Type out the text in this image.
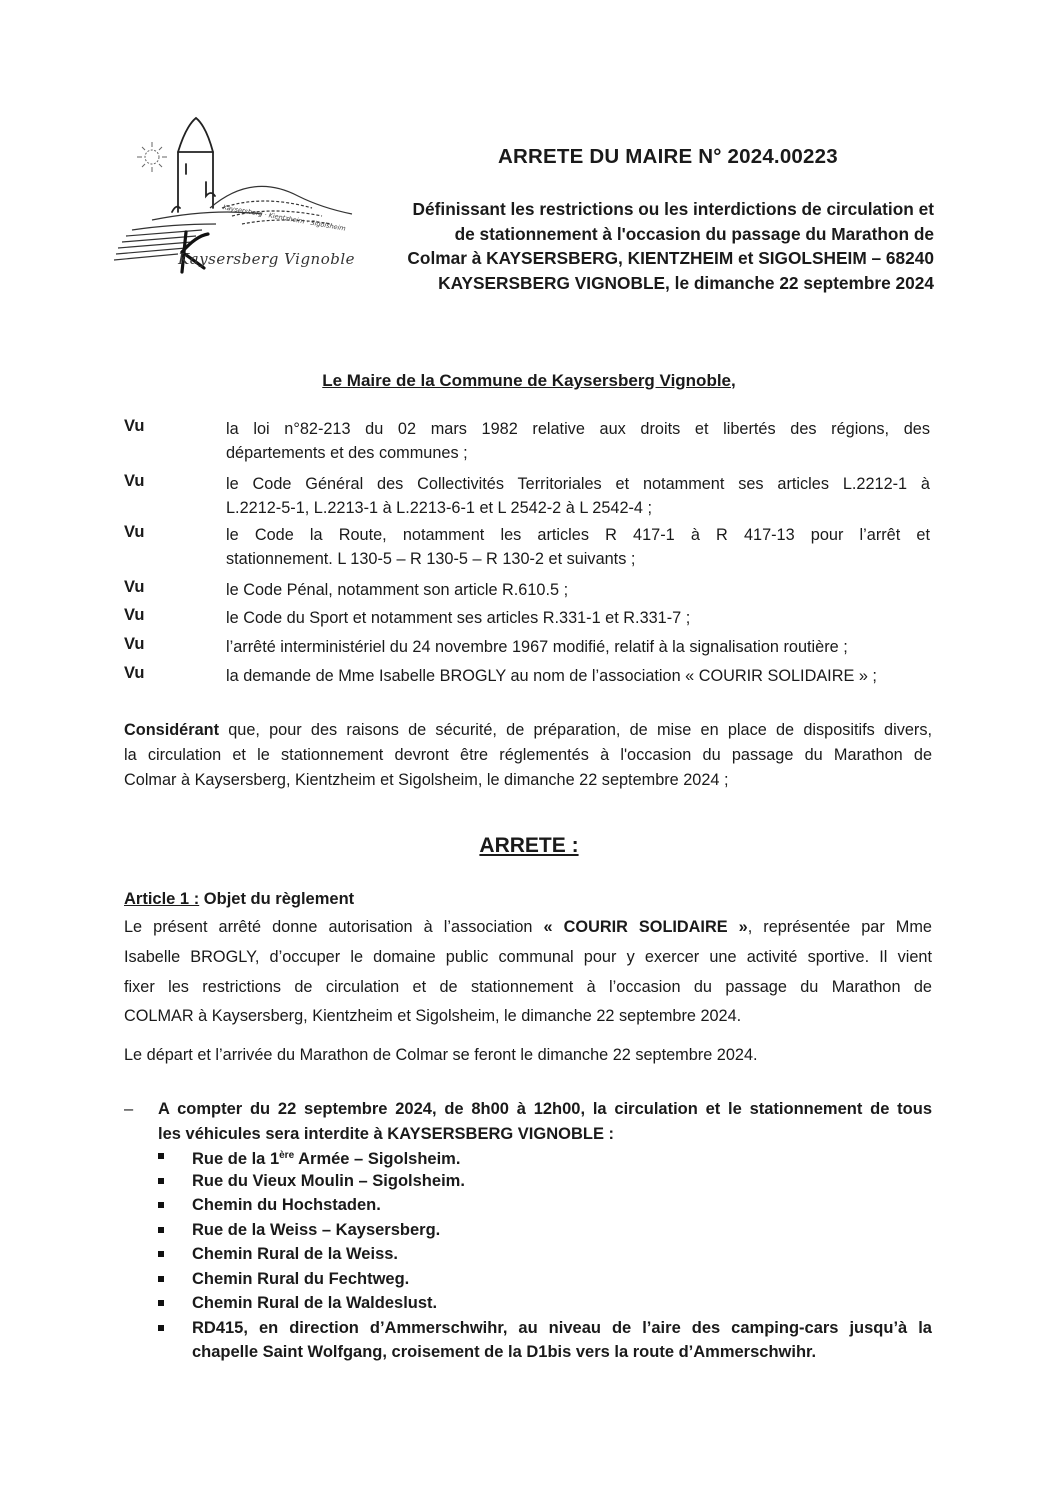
Kaysersberg · Kientzheim · Sigolsheim
Kaysersberg Vignoble
ARRETE DU MAIRE N° 2024.00223
Définissant les restrictions ou les interdictions de circulation et
de stationnement à l'occasion du passage du Marathon de
Colmar à KAYSERSBERG, KIENTZHEIM et SIGOLSHEIM – 68240
KAYSERSBERG VIGNOBLE, le dimanche 22 septembre 2024
Le Maire de la Commune de Kaysersberg Vignoble,
Vu	la loi n°82-213 du 02 mars 1982 relative aux droits et libertés des régions, des
départements et des communes ;
Vu	le Code Général des Collectivités Territoriales et notamment ses articles L.2212-1 à
L.2212-5-1, L.2213-1 à L.2213-6-1 et L 2542-2 à L 2542-4 ;
Vu	le Code la Route, notamment les articles R 417-1 à R 417-13 pour l’arrêt et
stationnement. L 130-5 – R 130-5 – R 130-2 et suivants ;
Vu	le Code Pénal, notamment son article R.610.5 ;
Vu	le Code du Sport et notamment ses articles R.331-1 et R.331-7 ;
Vu	l’arrêté interministériel du 24 novembre 1967 modifié, relatif à la signalisation routière ;
Vu	la demande de Mme Isabelle BROGLY au nom de l’association « COURIR SOLIDAIRE » ;
Considérant que, pour des raisons de sécurité, de préparation, de mise en place de dispositifs divers,
la circulation et le stationnement devront être réglementés à l'occasion du passage du Marathon de
Colmar à Kaysersberg, Kientzheim et Sigolsheim, le dimanche 22 septembre 2024 ;
ARRETE :
Article 1 : Objet du règlement
Le présent arrêté donne autorisation à l’association « COURIR SOLIDAIRE », représentée par Mme
Isabelle BROGLY, d’occuper le domaine public communal pour y exercer une activité sportive. Il vient
fixer les restrictions de circulation et de stationnement à l’occasion du passage du Marathon de
COLMAR à Kaysersberg, Kientzheim et Sigolsheim, le dimanche 22 septembre 2024.
Le départ et l’arrivée du Marathon de Colmar se feront le dimanche 22 septembre 2024.
– A compter du 22 septembre 2024, de 8h00 à 12h00, la circulation et le stationnement de tous
les véhicules sera interdite à KAYSERSBERG VIGNOBLE :
Rue de la 1ère Armée – Sigolsheim.
Rue du Vieux Moulin – Sigolsheim.
Chemin du Hochstaden.
Rue de la Weiss – Kaysersberg.
Chemin Rural de la Weiss.
Chemin Rural du Fechtweg.
Chemin Rural de la Waldeslust.
RD415, en direction d’Ammerschwihr, au niveau de l’aire des camping-cars jusqu’à la
chapelle Saint Wolfgang, croisement de la D1bis vers la route d’Ammerschwihr.
